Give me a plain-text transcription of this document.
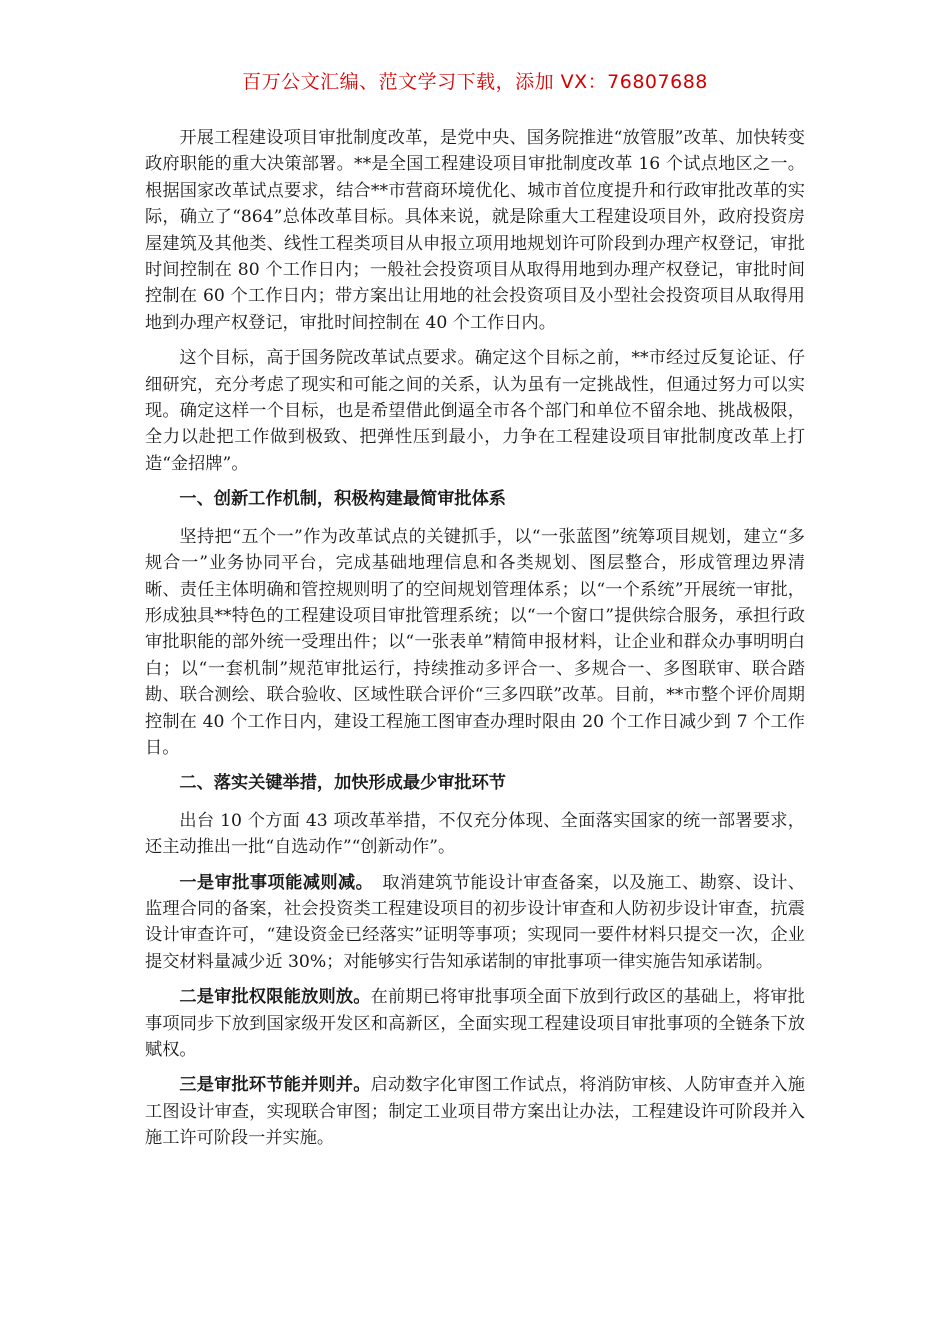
百万公文汇编、范文学习下载，添加 VX：76807688

开展工程建设项目审批制度改革，是党中央、国务院推进“放管服”改革、加快转变政府职能的重大决策部署。**是全国工程建设项目审批制度改革 16 个试点地区之一。根据国家改革试点要求，结合**市营商环境优化、城市首位度提升和行政审批改革的实际，确立了“864”总体改革目标。具体来说，就是除重大工程建设项目外，政府投资房屋建筑及其他类、线性工程类项目从申报立项用地规划许可阶段到办理产权登记，审批时间控制在 80 个工作日内；一般社会投资项目从取得用地到办理产权登记，审批时间控制在 60 个工作日内；带方案出让用地的社会投资项目及小型社会投资项目从取得用地到办理产权登记，审批时间控制在 40 个工作日内。

这个目标，高于国务院改革试点要求。确定这个目标之前，**市经过反复论证、仔细研究，充分考虑了现实和可能之间的关系，认为虽有一定挑战性，但通过努力可以实现。确定这样一个目标，也是希望借此倒逼全市各个部门和单位不留余地、挑战极限，全力以赴把工作做到极致、把弹性压到最小，力争在工程建设项目审批制度改革上打造“金招牌”。

一、创新工作机制，积极构建最简审批体系

坚持把“五个一”作为改革试点的关键抓手，以“一张蓝图”统筹项目规划，建立“多规合一”业务协同平台，完成基础地理信息和各类规划、图层整合，形成管理边界清晰、责任主体明确和管控规则明了的空间规划管理体系；以“一个系统”开展统一审批，形成独具**特色的工程建设项目审批管理系统；以“一个窗口”提供综合服务，承担行政审批职能的部外统一受理出件；以“一张表单”精简申报材料，让企业和群众办事明明白白；以“一套机制”规范审批运行，持续推动多评合一、多规合一、多图联审、联合踏勘、联合测绘、联合验收、区域性联合评价“三多四联”改革。目前，**市整个评价周期控制在 40 个工作日内，建设工程施工图审查办理时限由 20 个工作日减少到 7 个工作日。

二、落实关键举措，加快形成最少审批环节

出台 10 个方面 43 项改革举措，不仅充分体现、全面落实国家的统一部署要求，还主动推出一批“自选动作”“创新动作”。

一是审批事项能减则减。　取消建筑节能设计审查备案，以及施工、勘察、设计、监理合同的备案，社会投资类工程建设项目的初步设计审查和人防初步设计审查，抗震设计审查许可，“建设资金已经落实”证明等事项；实现同一要件材料只提交一次，企业提交材料量减少近 30%；对能够实行告知承诺制的审批事项一律实施告知承诺制。

二是审批权限能放则放。在前期已将审批事项全面下放到行政区的基础上，将审批事项同步下放到国家级开发区和高新区，全面实现工程建设项目审批事项的全链条下放赋权。

三是审批环节能并则并。启动数字化审图工作试点，将消防审核、人防审查并入施工图设计审查，实现联合审图；制定工业项目带方案出让办法，工程建设许可阶段并入施工许可阶段一并实施。
